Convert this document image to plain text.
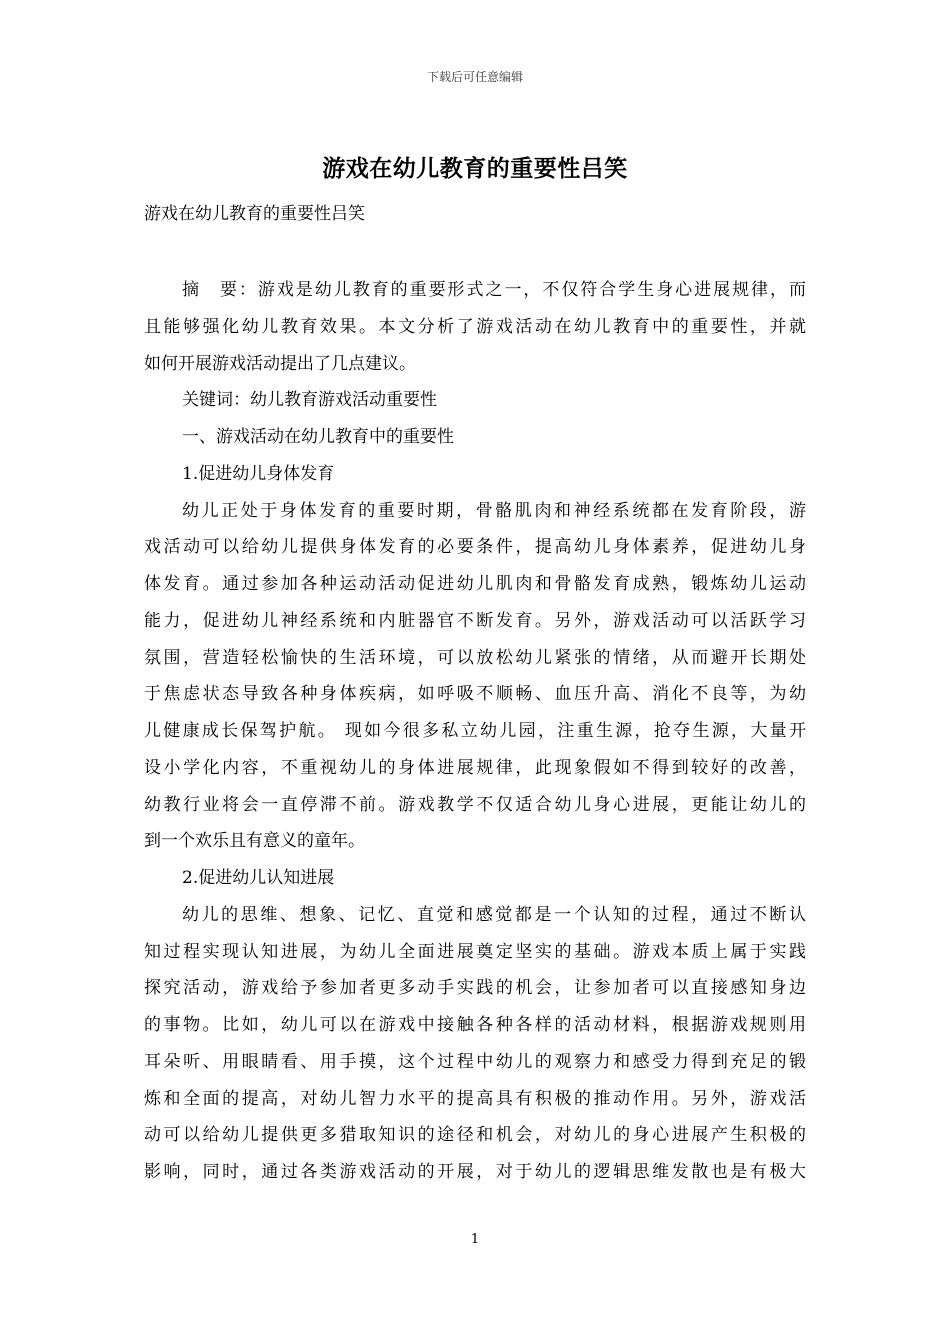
下载后可任意编辑
游戏在幼儿教育的重要性吕笑
游戏在幼儿教育的重要性吕笑
摘　要：游戏是幼儿教育的重要形式之一，不仅符合学生身心进展规律，而
且能够强化幼儿教育效果。本文分析了游戏活动在幼儿教育中的重要性，并就
如何开展游戏活动提出了几点建议。
关键词：幼儿教育游戏活动重要性
一、游戏活动在幼儿教育中的重要性
1.促进幼儿身体发育
幼儿正处于身体发育的重要时期，骨骼肌肉和神经系统都在发育阶段，游
戏活动可以给幼儿提供身体发育的必要条件，提高幼儿身体素养，促进幼儿身
体发育。通过参加各种运动活动促进幼儿肌肉和骨骼发育成熟，锻炼幼儿运动
能力，促进幼儿神经系统和内脏器官不断发育。另外，游戏活动可以活跃学习
氛围，营造轻松愉快的生活环境，可以放松幼儿紧张的情绪，从而避开长期处
于焦虑状态导致各种身体疾病，如呼吸不顺畅、血压升高、消化不良等，为幼
儿健康成长保驾护航。 现如今很多私立幼儿园，注重生源，抢夺生源，大量开
设小学化内容，不重视幼儿的身体进展规律，此现象假如不得到较好的改善，
幼教行业将会一直停滞不前。游戏教学不仅适合幼儿身心进展，更能让幼儿的
到一个欢乐且有意义的童年。
2.促进幼儿认知进展
幼儿的思维、想象、记忆、直觉和感觉都是一个认知的过程，通过不断认
知过程实现认知进展，为幼儿全面进展奠定坚实的基础。游戏本质上属于实践
探究活动，游戏给予参加者更多动手实践的机会，让参加者可以直接感知身边
的事物。比如，幼儿可以在游戏中接触各种各样的活动材料，根据游戏规则用
耳朵听、用眼睛看、用手摸，这个过程中幼儿的观察力和感受力得到充足的锻
炼和全面的提高，对幼儿智力水平的提高具有积极的推动作用。另外，游戏活
动可以给幼儿提供更多猎取知识的途径和机会，对幼儿的身心进展产生积极的
影响，同时，通过各类游戏活动的开展，对于幼儿的逻辑思维发散也是有极大
1
